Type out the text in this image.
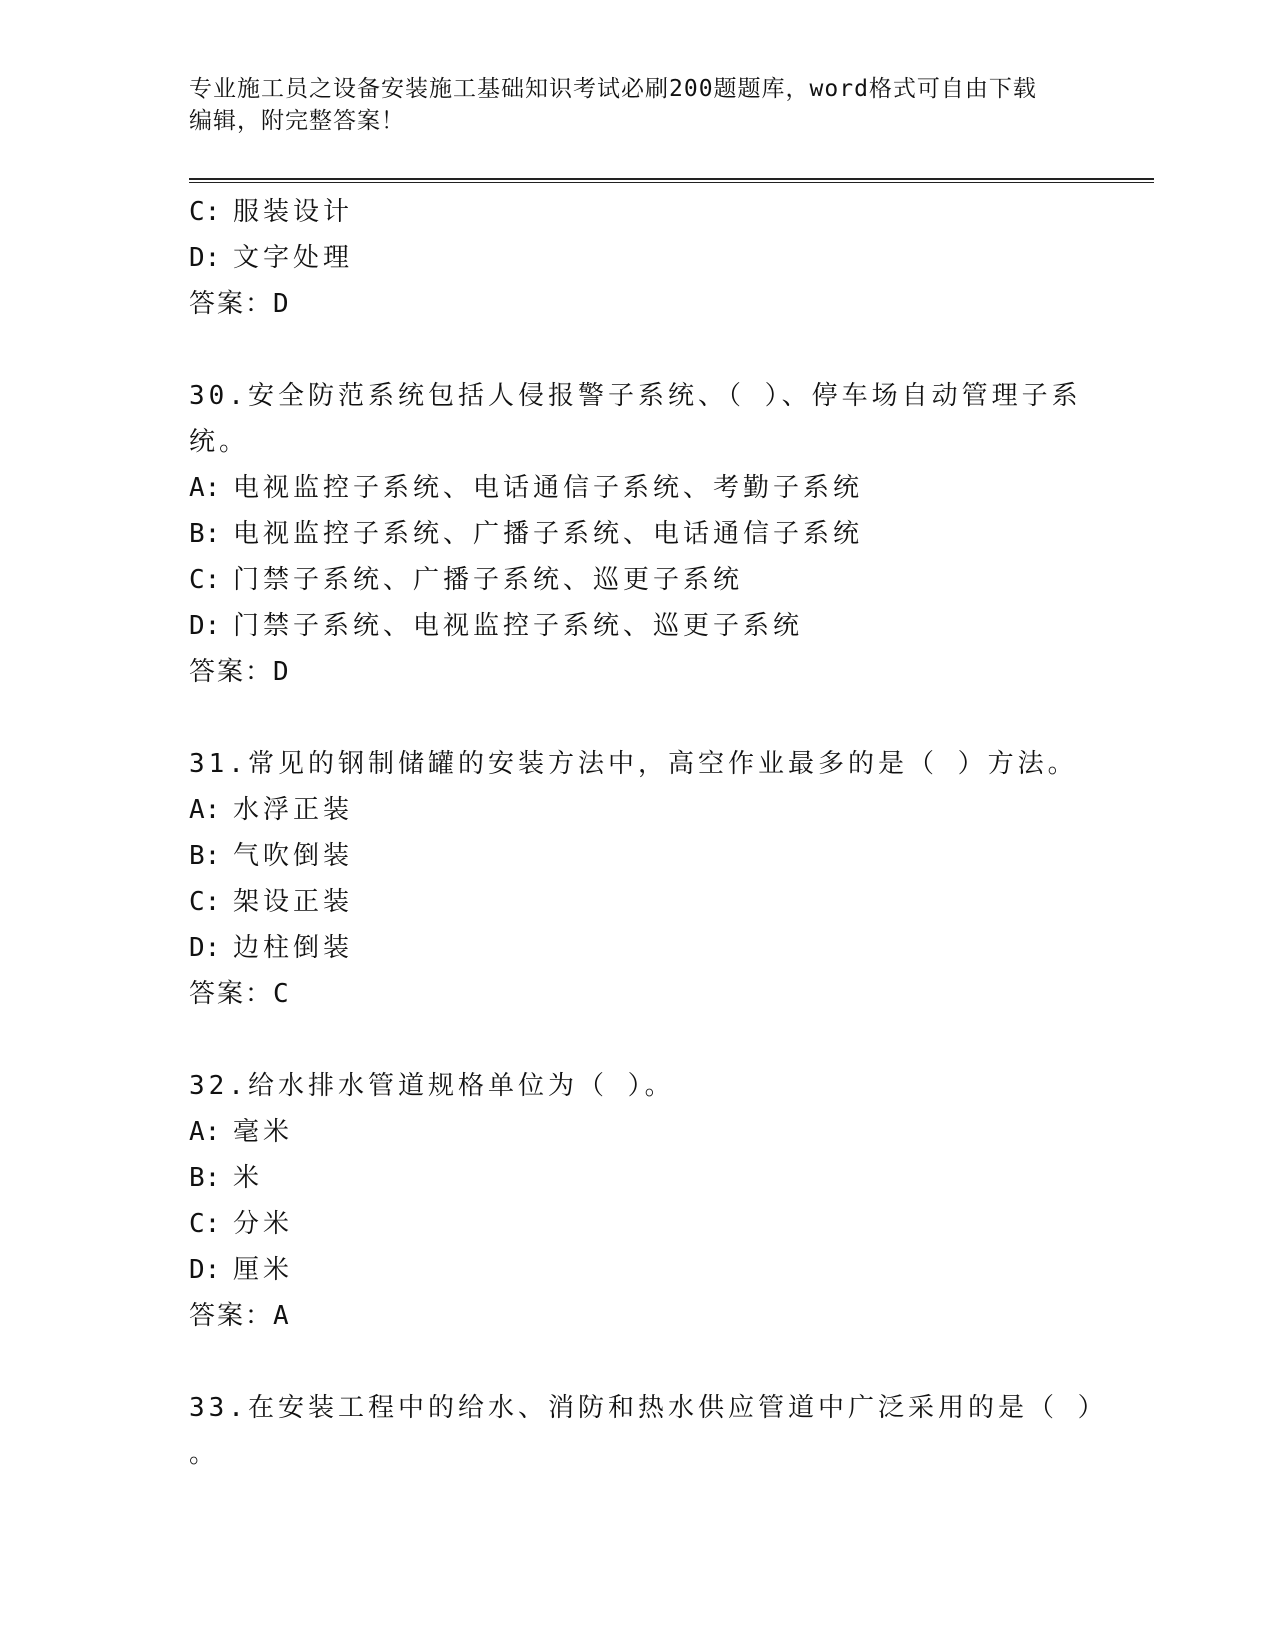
专业施工员之设备安装施工基础知识考试必刷200题题库，word格式可自由下载
编辑，附完整答案！
C: 服装设计
D: 文字处理
答案：D
30.安全防范系统包括人侵报警子系统、（ ）、停车场自动管理子系
统。
A: 电视监控子系统、电话通信子系统、考勤子系统
B: 电视监控子系统、广播子系统、电话通信子系统
C: 门禁子系统、广播子系统、巡更子系统
D: 门禁子系统、电视监控子系统、巡更子系统
答案：D
31.常见的钢制储罐的安装方法中，高空作业最多的是（ ）方法。
A: 水浮正装
B: 气吹倒装
C: 架设正装
D: 边柱倒装
答案：C
32.给水排水管道规格单位为（ ）。
A: 毫米
B: 米
C: 分米
D: 厘米
答案：A
33.在安装工程中的给水、消防和热水供应管道中广泛采用的是（ ）
。
